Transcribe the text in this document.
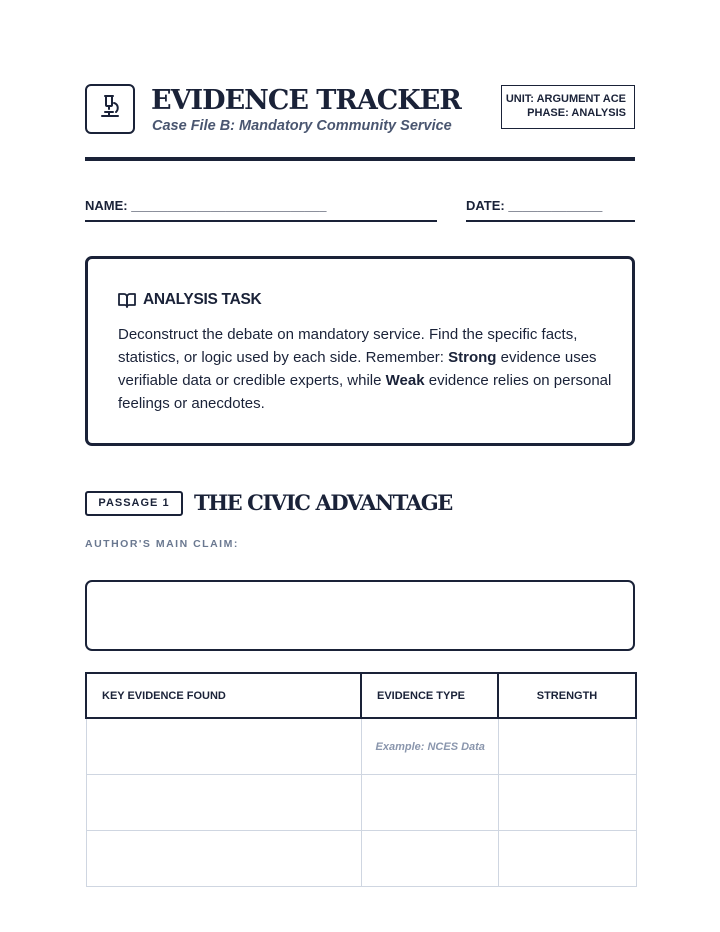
EVIDENCE TRACKER
Case File B: Mandatory Community Service
UNIT: ARGUMENT ACE
PHASE: ANALYSIS
NAME: ___________________________	DATE: _____________
ANALYSIS TASK
Deconstruct the debate on mandatory service. Find the specific facts, statistics, or logic used by each side. Remember: Strong evidence uses verifiable data or credible experts, while Weak evidence relies on personal feelings or anecdotes.
PASSAGE 1	THE CIVIC ADVANTAGE
AUTHOR'S MAIN CLAIM:
KEY EVIDENCE FOUND	EVIDENCE TYPE	STRENGTH
	Example: NCES Data	
